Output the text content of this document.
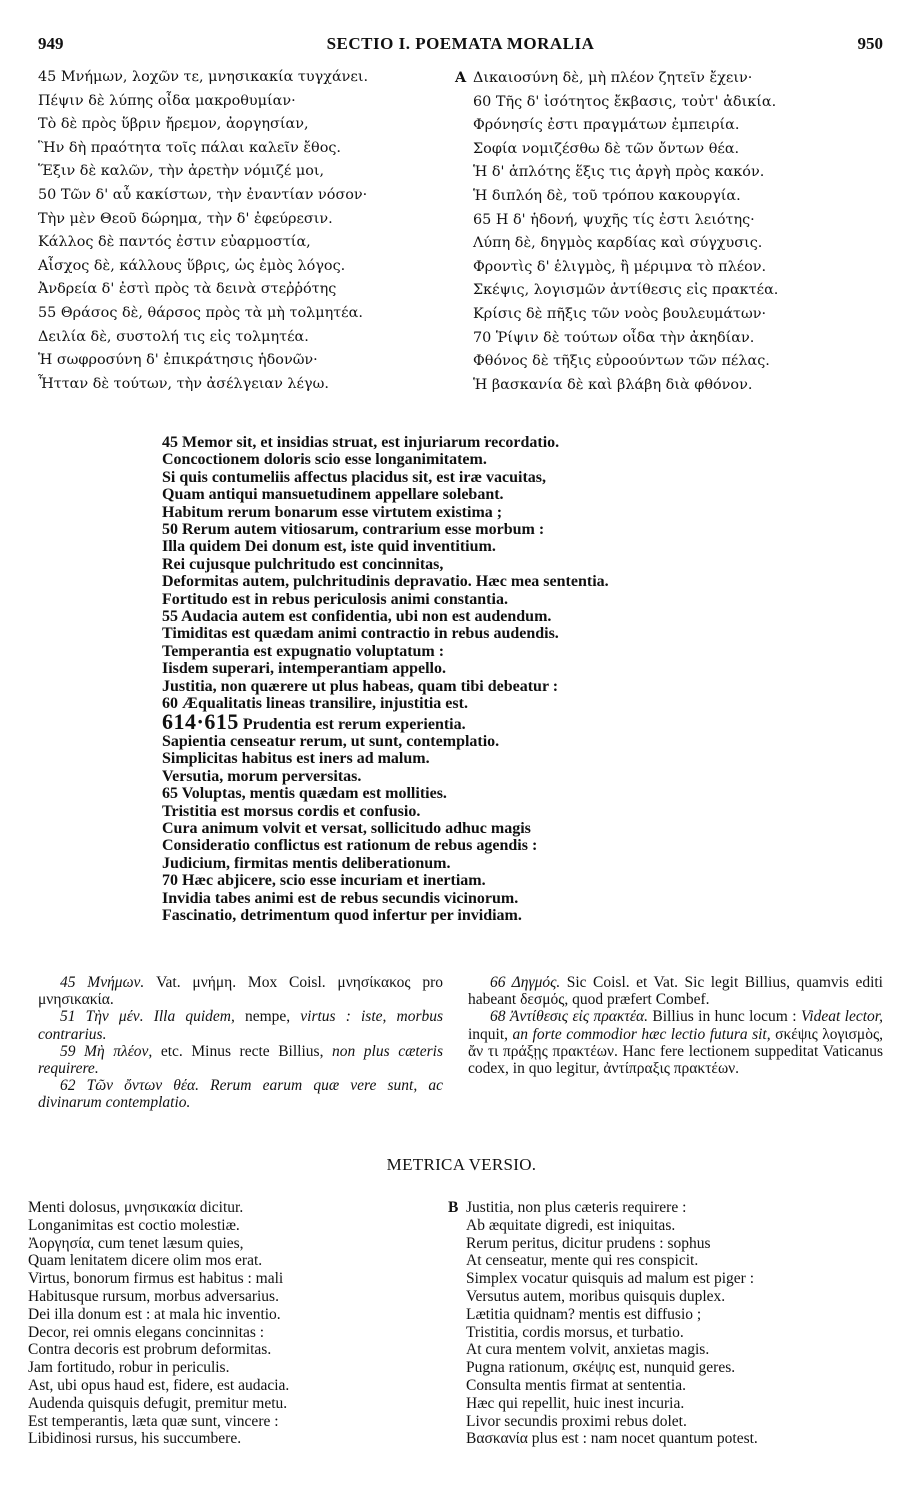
949	SECTIO I. POEMATA MORALIA	950
45 Μνήμων, λοχῶν τε, μνησικακία τυγχάνει.
Πέψιν δὲ λύπης οἶδα μακροθυμίαν·
Τὸ δὲ πρὸς ὕβριν ἤρεμον, ἀοργησίαν,
Ἣν δὴ πραότητα τοῖς πάλαι καλεῖν ἔθος.
Ἕξιν δὲ καλῶν, τὴν ἀρετὴν νόμιζέ μοι,
50 Τῶν δ' αὖ κακίστων, τὴν ἐναντίαν νόσον·
Τὴν μὲν Θεοῦ δώρημα, τὴν δ' ἐφεύρεσιν.
Κάλλος δὲ παντός ἐστιν εὐαρμοστία,
Αἶσχος δὲ, κάλλους ὕβρις, ὡς ἐμὸς λόγος.
Ἀνδρεία δ' ἐστὶ πρὸς τὰ δεινὰ στεῤῥότης
55 Θράσος δὲ, θάρσος πρὸς τὰ μὴ τολμητέα.
Δειλία δὲ, συστολή τις εἰς τολμητέα.
Ἡ σωφροσύνη δ' ἐπικράτησις ἡδονῶν·
Ἧτταν δὲ τούτων, τὴν ἀσέλγειαν λέγω.
A Δικαιοσύνη δὲ, μὴ πλέον ζητεῖν ἔχειν·
60 Τῆς δ' ἰσότητος ἔκβασις, τοὐτ' ἀδικία.
Φρόνησίς ἐστι πραγμάτων ἐμπειρία.
Σοφία νομιζέσθω δὲ τῶν ὄντων θέα.
Ἡ δ' ἁπλότης ἕξις τις ἀργὴ πρὸς κακόν.
Ἡ διπλόη δὲ, τοῦ τρόπου κακουργία.
65 Η δ' ἡδονή, ψυχῆς τίς ἐστι λειότης·
Λύπη δὲ, δηγμὸς καρδίας καὶ σύγχυσις.
Φροντὶς δ' ἑλιγμὸς, ἢ μέριμνα τὸ πλέον.
Σκέψις, λογισμῶν ἀντίθεσις εἰς πρακτέα.
Κρίσις δὲ πῆξις τῶν νοὸς βουλευμάτων·
70 Ῥίψιν δὲ τούτων οἶδα τὴν ἀκηδίαν.
Φθόνος δὲ τῆξις εὐροούντων τῶν πέλας.
Ἡ βασκανία δὲ καὶ βλάβη διὰ φθόνον.
45 Memor sit, et insidias struat, est injuriarum recordatio.
Concoctionem doloris scio esse longanimitatem.
Si quis contumeliis affectus placidus sit, est iræ vacuitas,
Quam antiqui mansuetudinem appellare solebant.
Habitum rerum bonarum esse virtutem existima ;
50 Rerum autem vitiosarum, contrarium esse morbum :
Illa quidem Dei donum est, iste quid inventitium.
Rei cujusque pulchritudo est concinnitas,
Deformitas autem, pulchritudinis depravatio. Hæc mea sententia.
Fortitudo est in rebus periculosis animi constantia.
55 Audacia autem est confidentia, ubi non est audendum.
Timiditas est quædam animi contractio in rebus audendis.
Temperantia est expugnatio voluptatum :
Iisdem superari, intemperantiam appello.
Justitia, non quærere ut plus habeas, quam tibi debeatur :
60 Æqualitatis lineas transilire, injustitia est.
614·615 Prudentia est rerum experientia.
Sapientia censeatur rerum, ut sunt, contemplatio.
Simplicitas habitus est iners ad malum.
Versutia, morum perversitas.
65 Voluptas, mentis quædam est mollities.
Tristitia est morsus cordis et confusio.
Cura animum volvit et versat, sollicitudo adhuc magis
Consideratio conflictus est rationum de rebus agendis :
Judicium, firmitas mentis deliberationum.
70 Hæc abjicere, scio esse incuriam et inertiam.
Invidia tabes animi est de rebus secundis vicinorum.
Fascinatio, detrimentum quod infertur per invidiam.

45 Μνήμων. Vat. μνήμη. Mox Coisl. μνησίκακος pro μνησικακία.

51 Τὴν μέν. Illa quidem, nempe, virtus : iste, morbus contrarius.

59 Μὴ πλέον, etc. Minus recte Billius, non plus cæteris requirere.

62 Τῶν ὄντων θέα. Rerum earum quæ vere sunt, ac divinarum contemplatio.

66 Δηγμός. Sic Coisl. et Vat. Sic legit Billius, quamvis editi habeant δεσμός, quod præfert Combef.

68 Ἀντίθεσις εἰς πρακτέα. Billius in hunc locum : Videat lector, inquit, an forte commodior hæc lectio futura sit, σκέψις λογισμὸς, ἄν τι πράξῃς πρακτέων. Hanc fere lectionem suppeditat Vaticanus codex, in quo legitur, ἀντίπραξις πρακτέων.

METRICA VERSIO.
Menti dolosus, μνησικακία dicitur.
Longanimitas est coctio molestiæ.
Ἀοργησία, cum tenet læsum quies,
Quam lenitatem dicere olim mos erat.
Virtus, bonorum firmus est habitus : mali
Habitusque rursum, morbus adversarius.
Dei illa donum est : at mala hic inventio.
Decor, rei omnis elegans concinnitas :
Contra decoris est probrum deformitas.
Jam fortitudo, robur in periculis.
Ast, ubi opus haud est, fidere, est audacia.
Audenda quisquis defugit, premitur metu.
Est temperantis, læta quæ sunt, vincere :
Libidinosi rursus, his succumbere.
B Justitia, non plus cæteris requirere :
Ab æquitate digredi, est iniquitas.
Rerum peritus, dicitur prudens : sophus
At censeatur, mente qui res conspicit.
Simplex vocatur quisquis ad malum est piger :
Versutus autem, moribus quisquis duplex.
Lætitia quidnam? mentis est diffusio ;
Tristitia, cordis morsus, et turbatio.
At cura mentem volvit, anxietas magis.
Pugna rationum, σκέψις est, nunquid geres.
Consulta mentis firmat at sententia.
Hæc qui repellit, huic inest incuria.
Livor secundis proximi rebus dolet.
Βασκανία plus est : nam nocet quantum potest.
